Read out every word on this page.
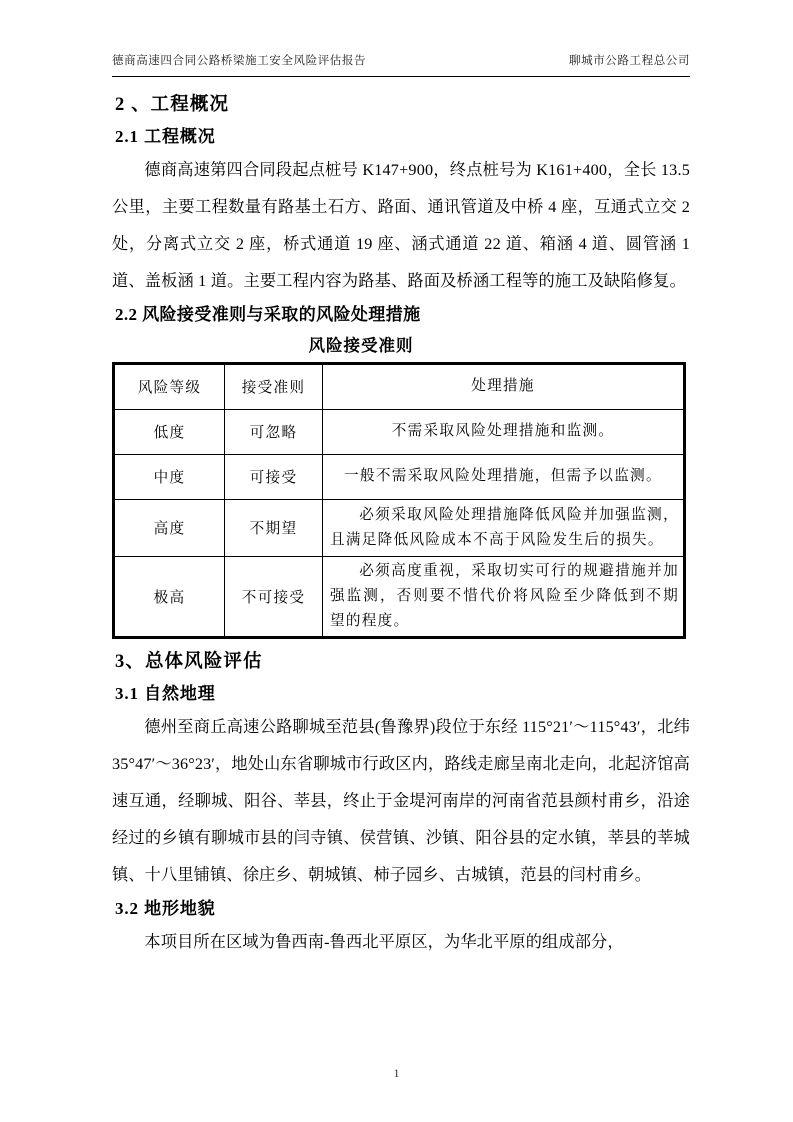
德商高速四合同公路桥梁施工安全风险评估报告	聊城市公路工程总公司
2 、工程概况
2.1 工程概况

德商高速第四合同段起点桩号 K147+900，终点桩号为 K161+400，全长 13.5 公里，主要工程数量有路基土石方、路面、通讯管道及中桥 4 座，互通式立交 2 处，分离式立交 2 座，桥式通道 19 座、涵式通道 22 道、箱涵 4 道、圆管涵 1 道、盖板涵 1 道。主要工程内容为路基、路面及桥涵工程等的施工及缺陷修复。

2.2 风险接受准则与采取的风险处理措施
风险接受准则
风险等级	接受准则	处理措施
低度	可忽略	不需采取风险处理措施和监测。
中度	可接受	一般不需采取风险处理措施，但需予以监测。
高度	不期望	必须采取风险处理措施降低风险并加强监测，且满足降低风险成本不高于风险发生后的损失。
极高	不可接受	必须高度重视，采取切实可行的规避措施并加强监测，否则要不惜代价将风险至少降低到不期望的程度。
3、总体风险评估
3.1 自然地理

德州至商丘高速公路聊城至范县(鲁豫界)段位于东经 115°21′～115°43′，北纬 35°47′～36°23′，地处山东省聊城市行政区内，路线走廊呈南北走向，北起济馆高速互通，经聊城、阳谷、莘县，终止于金堤河南岸的河南省范县颜村甫乡，沿途经过的乡镇有聊城市县的闫寺镇、侯营镇、沙镇、阳谷县的定水镇，莘县的莘城镇、十八里铺镇、徐庄乡、朝城镇、柿子园乡、古城镇，范县的闫村甫乡。

3.2 地形地貌

本项目所在区域为鲁西南-鲁西北平原区，为华北平原的组成部分，

1
